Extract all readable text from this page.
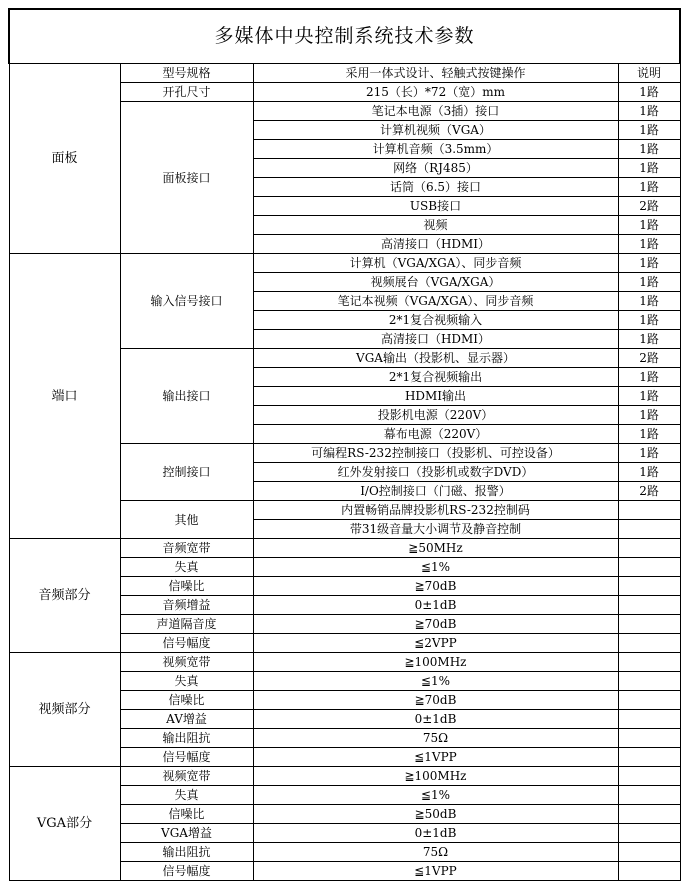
多媒体中央控制系统技术参数			
面板	型号规格	采用一体式设计、轻触式按键操作	说明
	开孔尺寸	215（长）*72（宽）mm	1路
	面板接口	笔记本电源（3插）接口	1路
		计算机视频（VGA）	1路
		计算机音频（3.5mm）	1路
		网络（RJ485）	1路
		话筒（6.5）接口	1路
		USB接口	2路
		视频	1路
		高清接口（HDMI）	1路
端口	输入信号接口	计算机（VGA/XGA）、同步音频	1路
		视频展台（VGA/XGA）	1路
		笔记本视频（VGA/XGA）、同步音频	1路
		2*1复合视频输入	1路
		高清接口（HDMI）	1路
	输出接口	VGA输出（投影机、显示器）	2路
		2*1复合视频输出	1路
		HDMI输出	1路
		投影机电源（220V）	1路
		幕布电源（220V）	1路
	控制接口	可编程RS-232控制接口（投影机、可控设备）	1路
		红外发射接口（投影机或数字DVD）	1路
		I/O控制接口（门磁、报警）	2路
	其他	内置畅销品牌投影机RS-232控制码	
		带31级音量大小调节及静音控制	
音频部分	音频宽带	≧50MHz	
	失真	≦1%	
	信噪比	≧70dB	
	音频增益	0±1dB	
	声道隔音度	≧70dB	
	信号幅度	≦2VPP	
视频部分	视频宽带	≧100MHz	
	失真	≦1%	
	信噪比	≧70dB	
	AV增益	0±1dB	
	输出阻抗	75Ω	
	信号幅度	≦1VPP	
VGA部分	视频宽带	≧100MHz	
	失真	≦1%	
	信噪比	≧50dB	
	VGA增益	0±1dB	
	输出阻抗	75Ω	
	信号幅度	≦1VPP	
